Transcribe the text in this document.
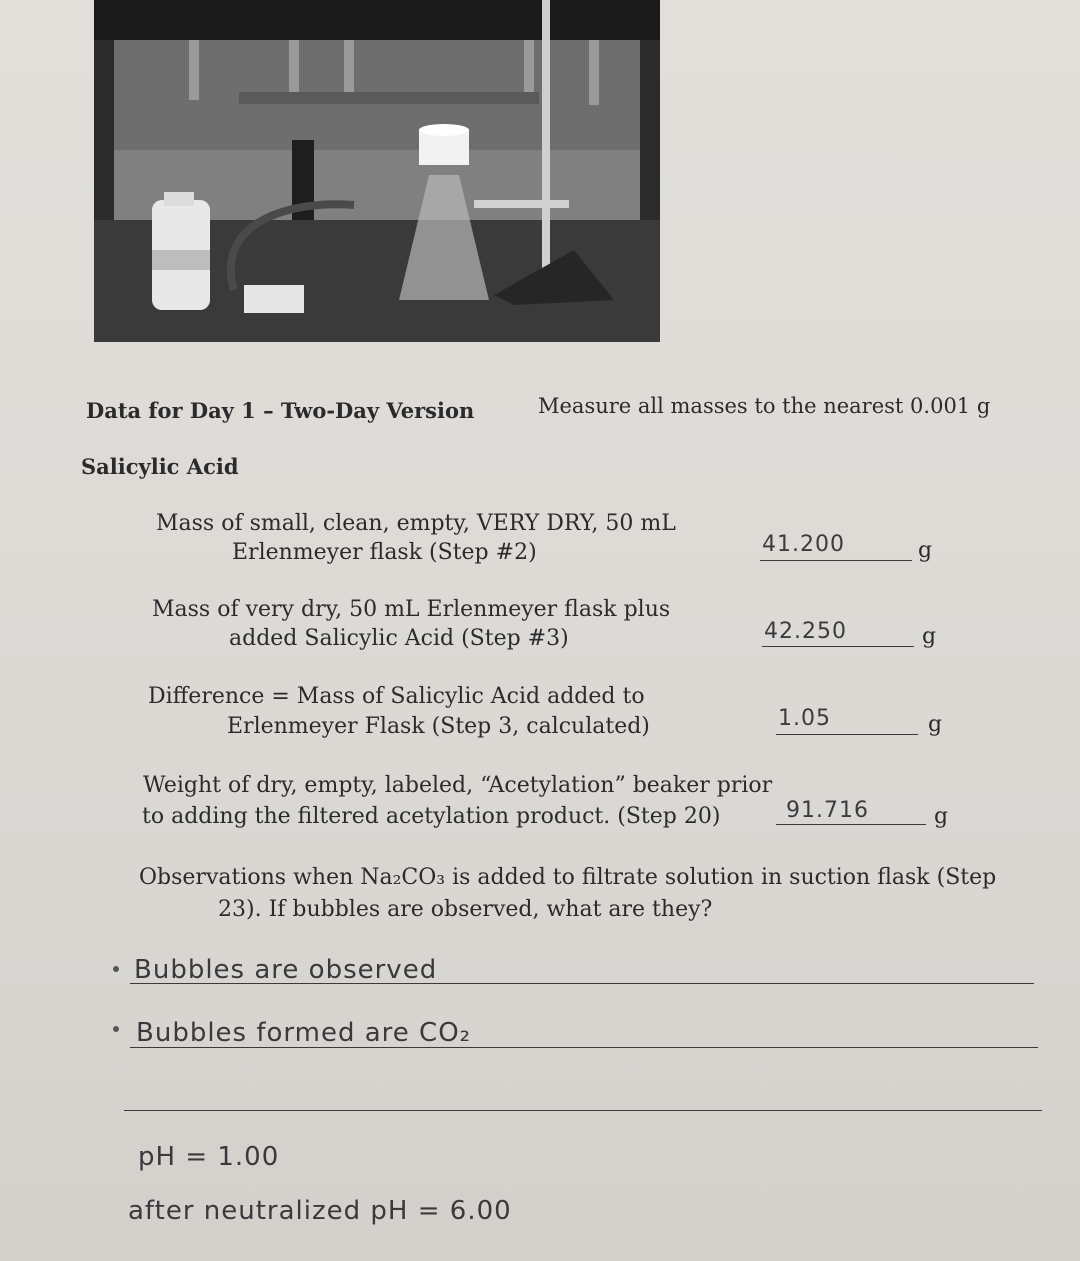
Data for Day 1 – Two-Day Version	Measure all masses to the nearest 0.001 g
Salicylic Acid
Mass of small, clean, empty, VERY DRY, 50 mL
Erlenmeyer flask (Step #2)	41.200	g
Mass of very dry, 50 mL Erlenmeyer flask plus
added Salicylic Acid (Step #3)	42.250	g
Difference = Mass of Salicylic Acid added to
Erlenmeyer Flask (Step 3, calculated)	1.05	g
Weight of dry, empty, labeled, “Acetylation” beaker prior
to adding the filtered acetylation product. (Step 20)	91.716	g
Observations when Na₂CO₃ is added to filtrate solution in suction flask (Step
23). If bubbles are observed, what are they?
Bubbles are observed
Bubbles formed are CO₂
pH = 1.00
after neutralized pH = 6.00
